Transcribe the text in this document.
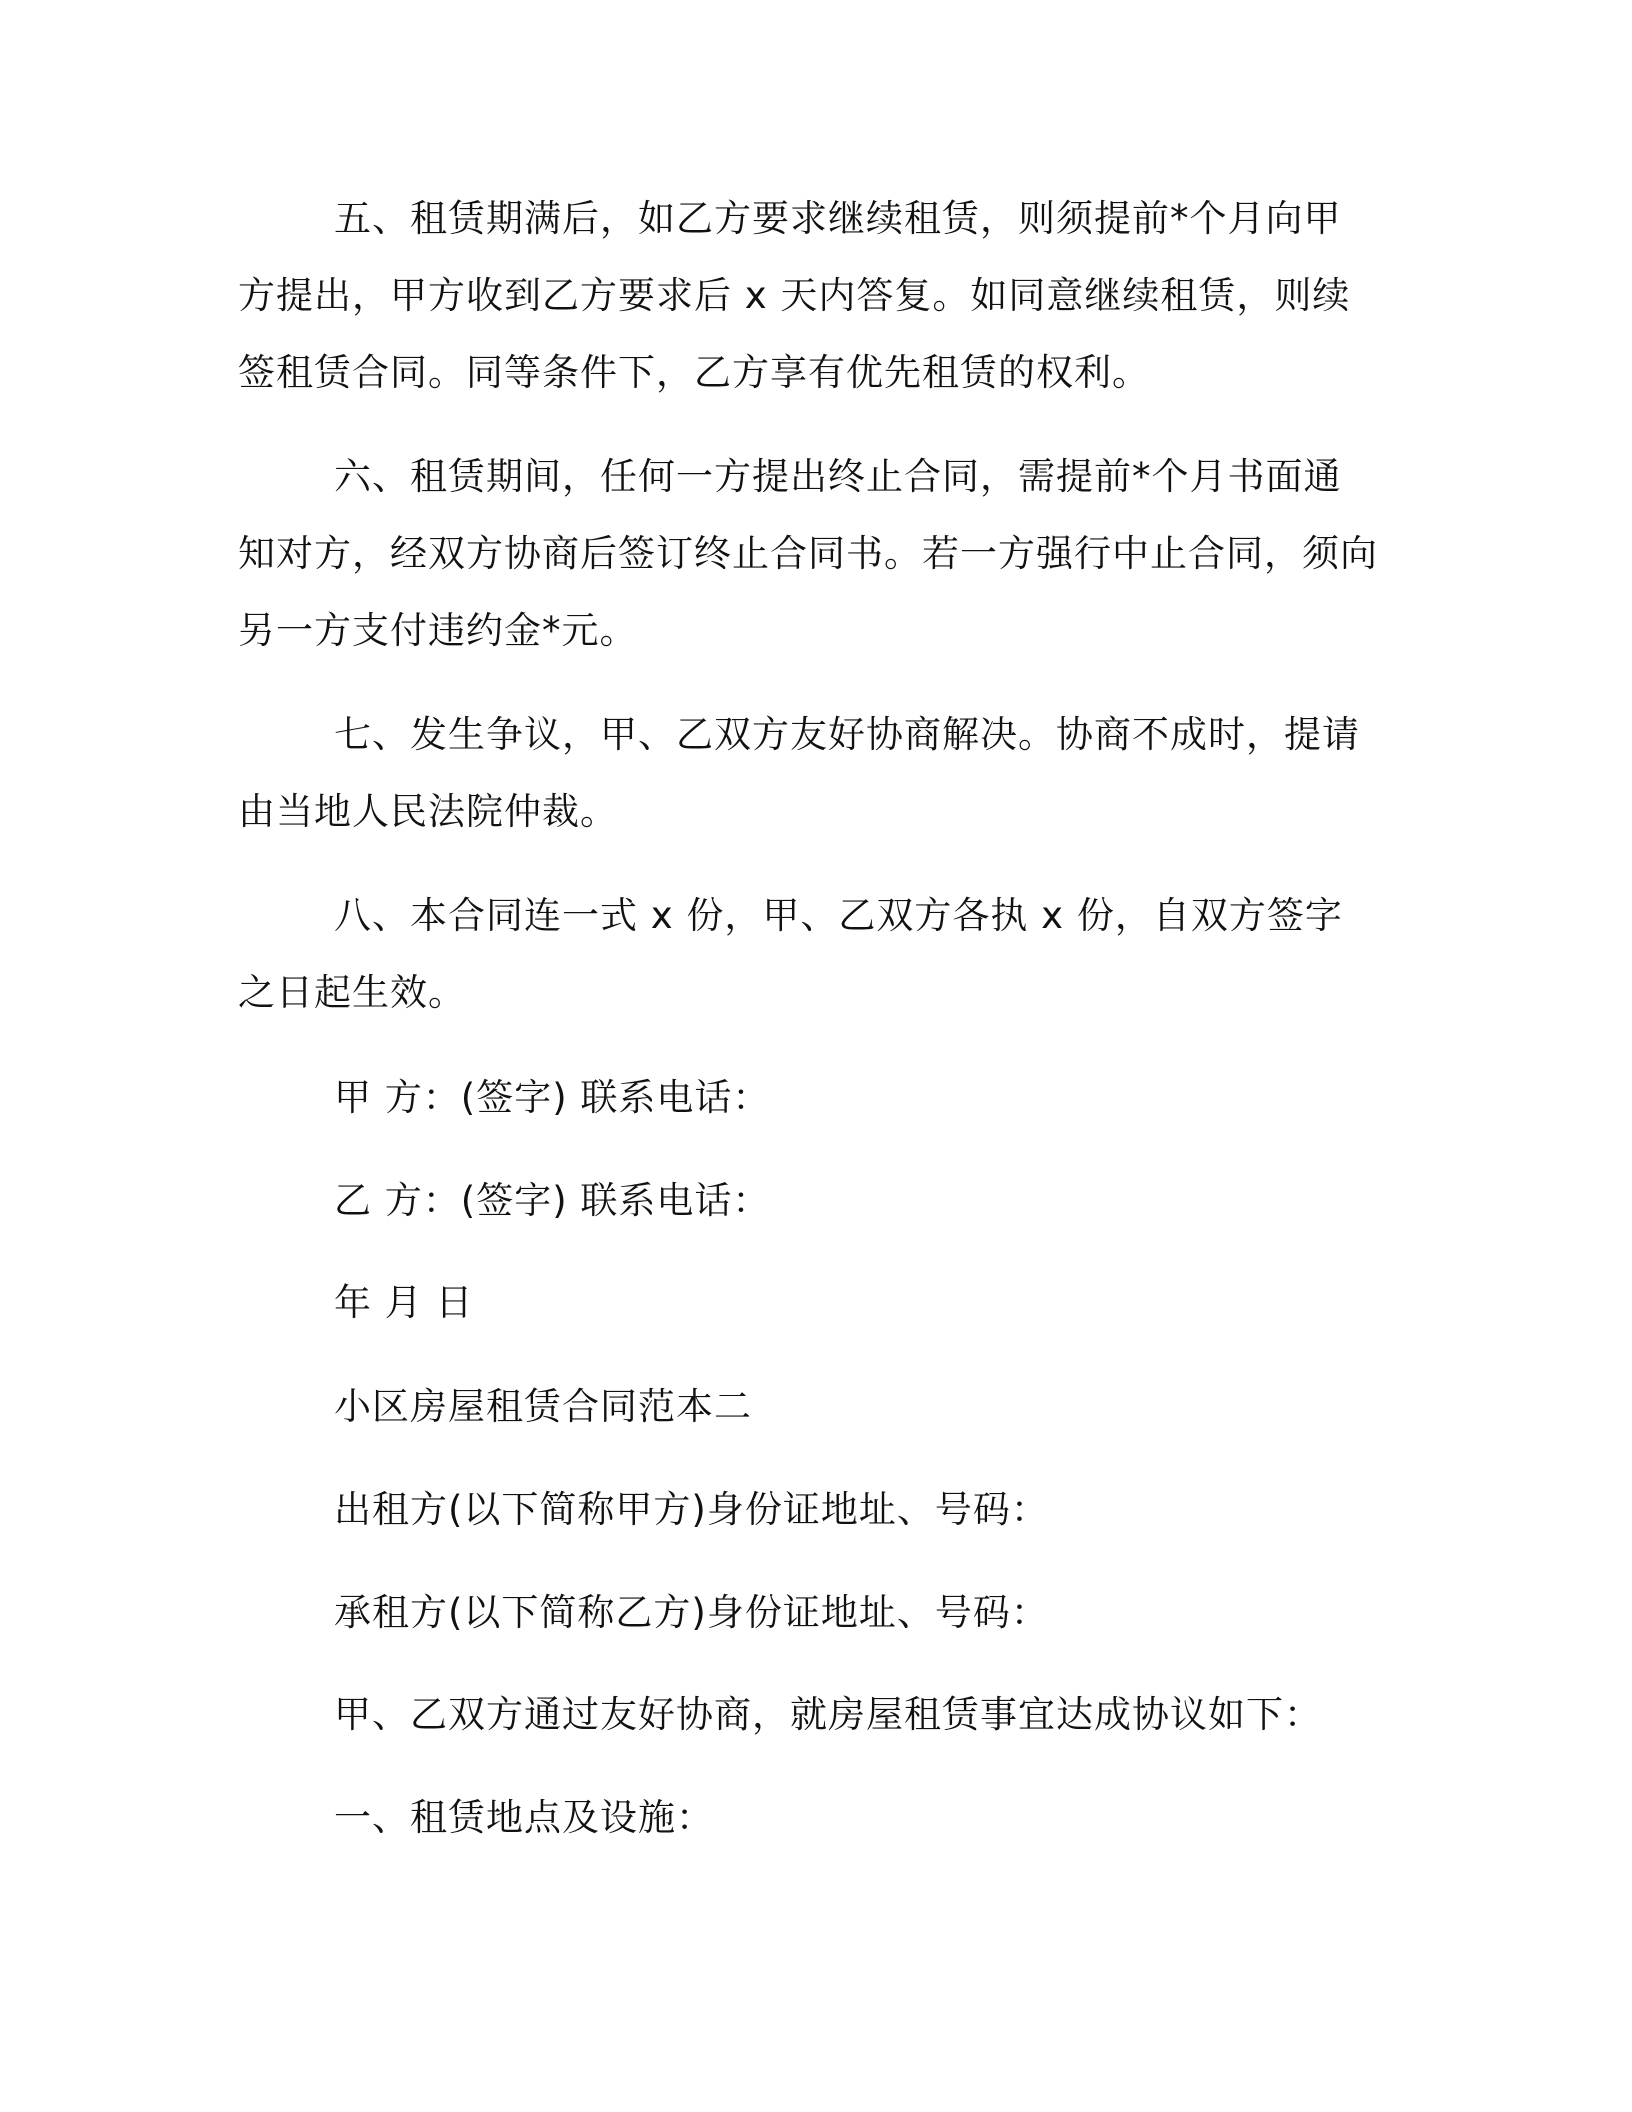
五、租赁期满后，如乙方要求继续租赁，则须提前*个月向甲方提出，甲方收到乙方要求后 x 天内答复。如同意继续租赁，则续签租赁合同。同等条件下，乙方享有优先租赁的权利。

六、租赁期间，任何一方提出终止合同，需提前*个月书面通知对方，经双方协商后签订终止合同书。若一方强行中止合同，须向另一方支付违约金*元。

七、发生争议，甲、乙双方友好协商解决。协商不成时，提请由当地人民法院仲裁。

八、本合同连一式 x 份，甲、乙双方各执 x 份，自双方签字之日起生效。

甲 方：(签字) 联系电话：

乙 方：(签字) 联系电话：

年 月 日

小区房屋租赁合同范本二

出租方(以下简称甲方)身份证地址、号码：

承租方(以下简称乙方)身份证地址、号码：

甲、乙双方通过友好协商，就房屋租赁事宜达成协议如下：

一、租赁地点及设施：
